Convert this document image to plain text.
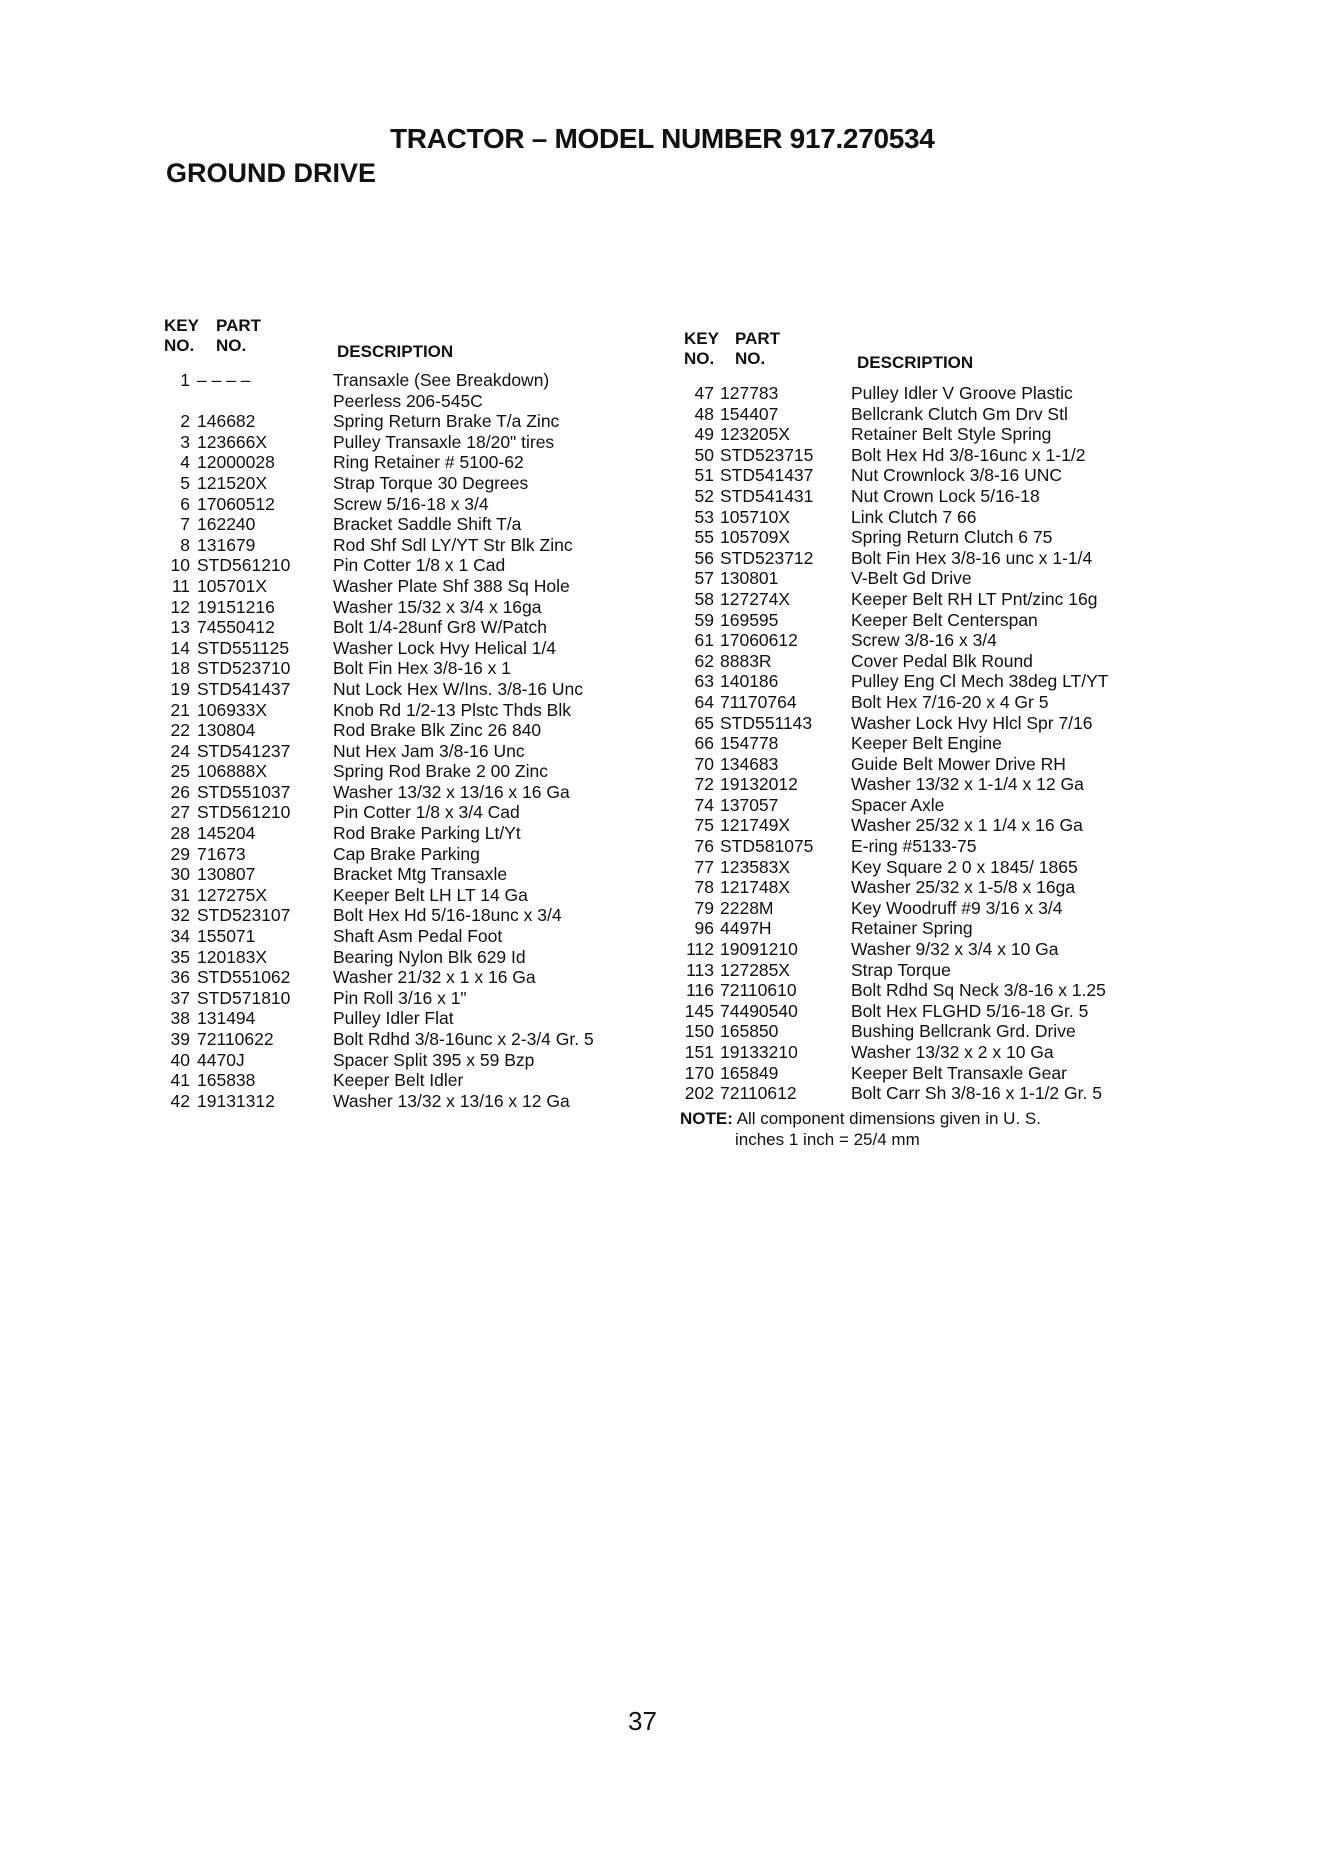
TRACTOR – MODEL NUMBER 917.270534
GROUND DRIVE
KEY
NO.
PART
NO.	DESCRIPTION
1 – – – –	Transaxle (See Breakdown)
Peerless 206-545C
2 146682	Spring Return Brake T/a Zinc
3 123666X	Pulley Transaxle 18/20" tires
4 12000028	Ring Retainer # 5100-62
5 121520X	Strap Torque 30 Degrees
6 17060512	Screw 5/16-18 x 3/4
7 162240	Bracket Saddle Shift T/a
8 131679	Rod Shf Sdl LY/YT Str Blk Zinc
10 STD561210	Pin Cotter 1/8 x 1 Cad
11 105701X	Washer Plate Shf 388 Sq Hole
12 19151216	Washer 15/32 x 3/4 x 16ga
13 74550412	Bolt 1/4-28unf Gr8 W/Patch
14 STD551125	Washer Lock Hvy Helical 1/4
18 STD523710	Bolt Fin Hex 3/8-16 x 1
19 STD541437	Nut Lock Hex W/Ins. 3/8-16 Unc
21 106933X	Knob Rd 1/2-13 Plstc Thds Blk
22 130804	Rod Brake Blk Zinc 26 840
24 STD541237	Nut Hex Jam 3/8-16 Unc
25 106888X	Spring Rod Brake 2 00 Zinc
26 STD551037	Washer 13/32 x 13/16 x 16 Ga
27 STD561210	Pin Cotter 1/8 x 3/4 Cad
28 145204	Rod Brake Parking Lt/Yt
29 71673	Cap Brake Parking
30 130807	Bracket Mtg Transaxle
31 127275X	Keeper Belt LH LT 14 Ga
32 STD523107	Bolt Hex Hd 5/16-18unc x 3/4
34 155071	Shaft Asm Pedal Foot
35 120183X	Bearing Nylon Blk 629 Id
36 STD551062	Washer 21/32 x 1 x 16 Ga
37 STD571810	Pin Roll 3/16 x 1"
38 131494	Pulley Idler Flat
39 72110622	Bolt Rdhd 3/8-16unc x 2-3/4 Gr. 5
40 4470J	Spacer Split 395 x 59 Bzp
41 165838	Keeper Belt Idler
42 19131312	Washer 13/32 x 13/16 x 12 Ga
KEY
NO.
PART
NO.	DESCRIPTION
47 127783	Pulley Idler V Groove Plastic
48 154407	Bellcrank Clutch Gm Drv Stl
49 123205X	Retainer Belt Style Spring
50 STD523715	Bolt Hex Hd 3/8-16unc x 1-1/2
51 STD541437	Nut Crownlock 3/8-16 UNC
52 STD541431	Nut Crown Lock 5/16-18
53 105710X	Link Clutch 7 66
55 105709X	Spring Return Clutch 6 75
56 STD523712	Bolt Fin Hex 3/8-16 unc x 1-1/4
57 130801	V-Belt Gd Drive
58 127274X	Keeper Belt RH LT Pnt/zinc 16g
59 169595	Keeper Belt Centerspan
61 17060612	Screw 3/8-16 x 3/4
62 8883R	Cover Pedal Blk Round
63 140186	Pulley Eng Cl Mech 38deg LT/YT
64 71170764	Bolt Hex 7/16-20 x 4 Gr 5
65 STD551143	Washer Lock Hvy Hlcl Spr 7/16
66 154778	Keeper Belt Engine
70 134683	Guide Belt Mower Drive RH
72 19132012	Washer 13/32 x 1-1/4 x 12 Ga
74 137057	Spacer Axle
75 121749X	Washer 25/32 x 1 1/4 x 16 Ga
76 STD581075	E-ring #5133-75
77 123583X	Key Square 2 0 x 1845/ 1865
78 121748X	Washer 25/32 x 1-5/8 x 16ga
79 2228M	Key Woodruff #9 3/16 x 3/4
96 4497H	Retainer Spring
112 19091210	Washer 9/32 x 3/4 x 10 Ga
113 127285X	Strap Torque
116 72110610	Bolt Rdhd Sq Neck 3/8-16 x 1.25
145 74490540	Bolt Hex FLGHD 5/16-18 Gr. 5
150 165850	Bushing Bellcrank Grd. Drive
151 19133210	Washer 13/32 x 2 x 10 Ga
170 165849	Keeper Belt Transaxle Gear
202 72110612	Bolt Carr Sh 3/8-16 x 1-1/2 Gr. 5
NOTE: All component dimensions given in U. S.
inches 1 inch = 25/4 mm
37
